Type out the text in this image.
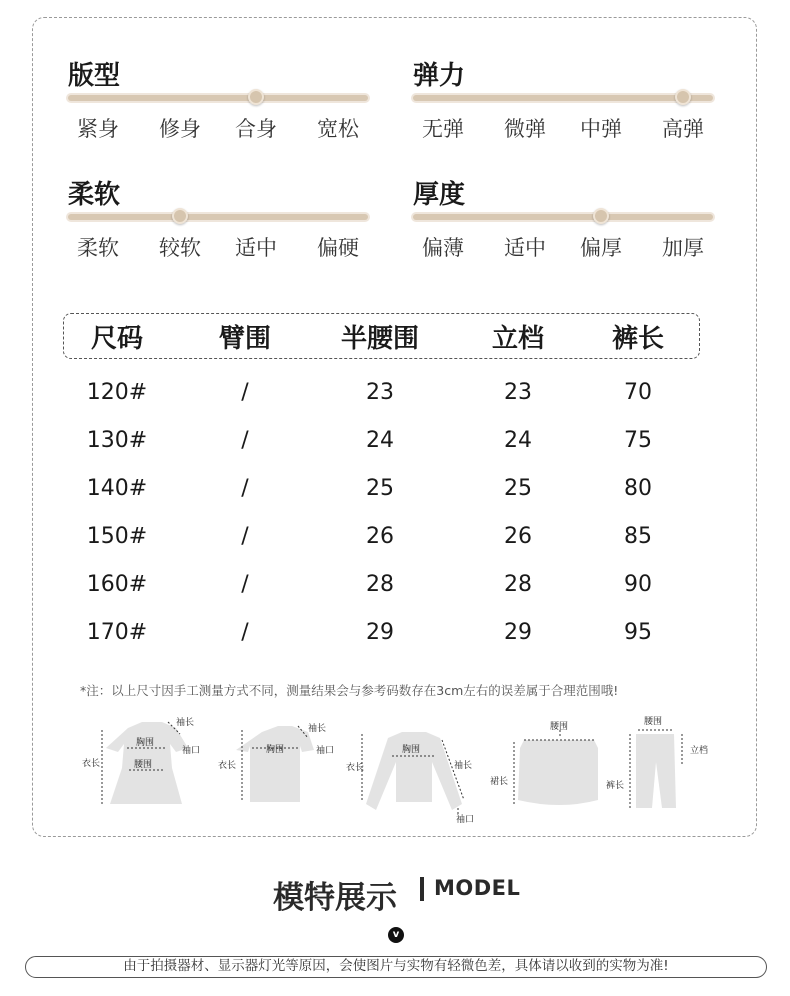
版型
紧身 修身 合身 宽松
弹力
无弹 微弹 中弹 高弹
柔软
柔软 较软 适中 偏硬
厚度
偏薄 适中 偏厚 加厚
尺码	臂围	半腰围	立档	裤长
120#	/	23	23	70
130#	/	24	24	75
140#	/	25	25	80
150#	/	26	26	85
160#	/	28	28	90
170#	/	29	29	95
*注：以上尺寸因手工测量方式不同，测量结果会与参考码数存在3cm左右的误差属于合理范围哦!
衣长
胸围
腰围
袖长
袖口
衣长
胸围
袖长
袖口
衣长
胸围
袖长
袖口
腰围
裙长
腰围
裤长
立档
模特展示 MODEL
v
由于拍摄器材、显示器灯光等原因，会使图片与实物有轻微色差，具体请以收到的实物为准!
